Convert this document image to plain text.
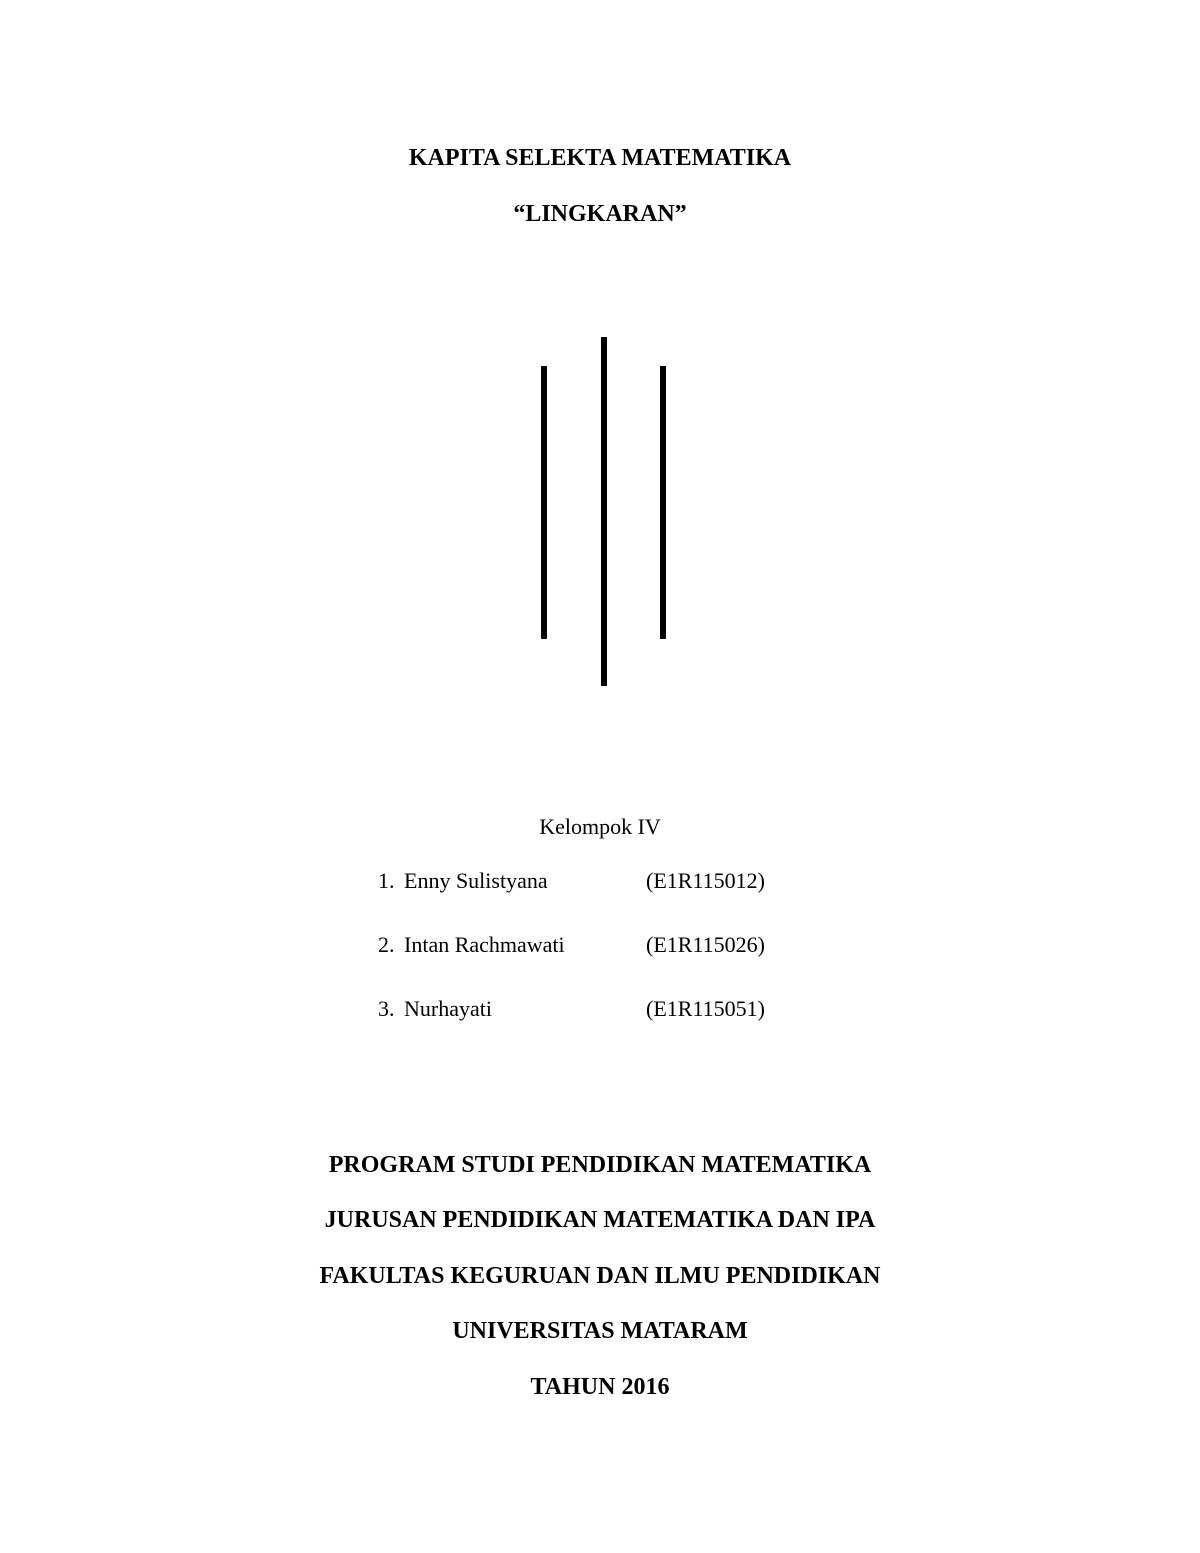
KAPITA SELEKTA MATEMATIKA
“LINGKARAN”
Kelompok IV
1. Enny Sulistyana	(E1R115012)
2. Intan Rachmawati	(E1R115026)
3. Nurhayati	(E1R115051)
PROGRAM STUDI PENDIDIKAN MATEMATIKA
JURUSAN PENDIDIKAN MATEMATIKA DAN IPA
FAKULTAS KEGURUAN DAN ILMU PENDIDIKAN
UNIVERSITAS MATARAM
TAHUN 2016
